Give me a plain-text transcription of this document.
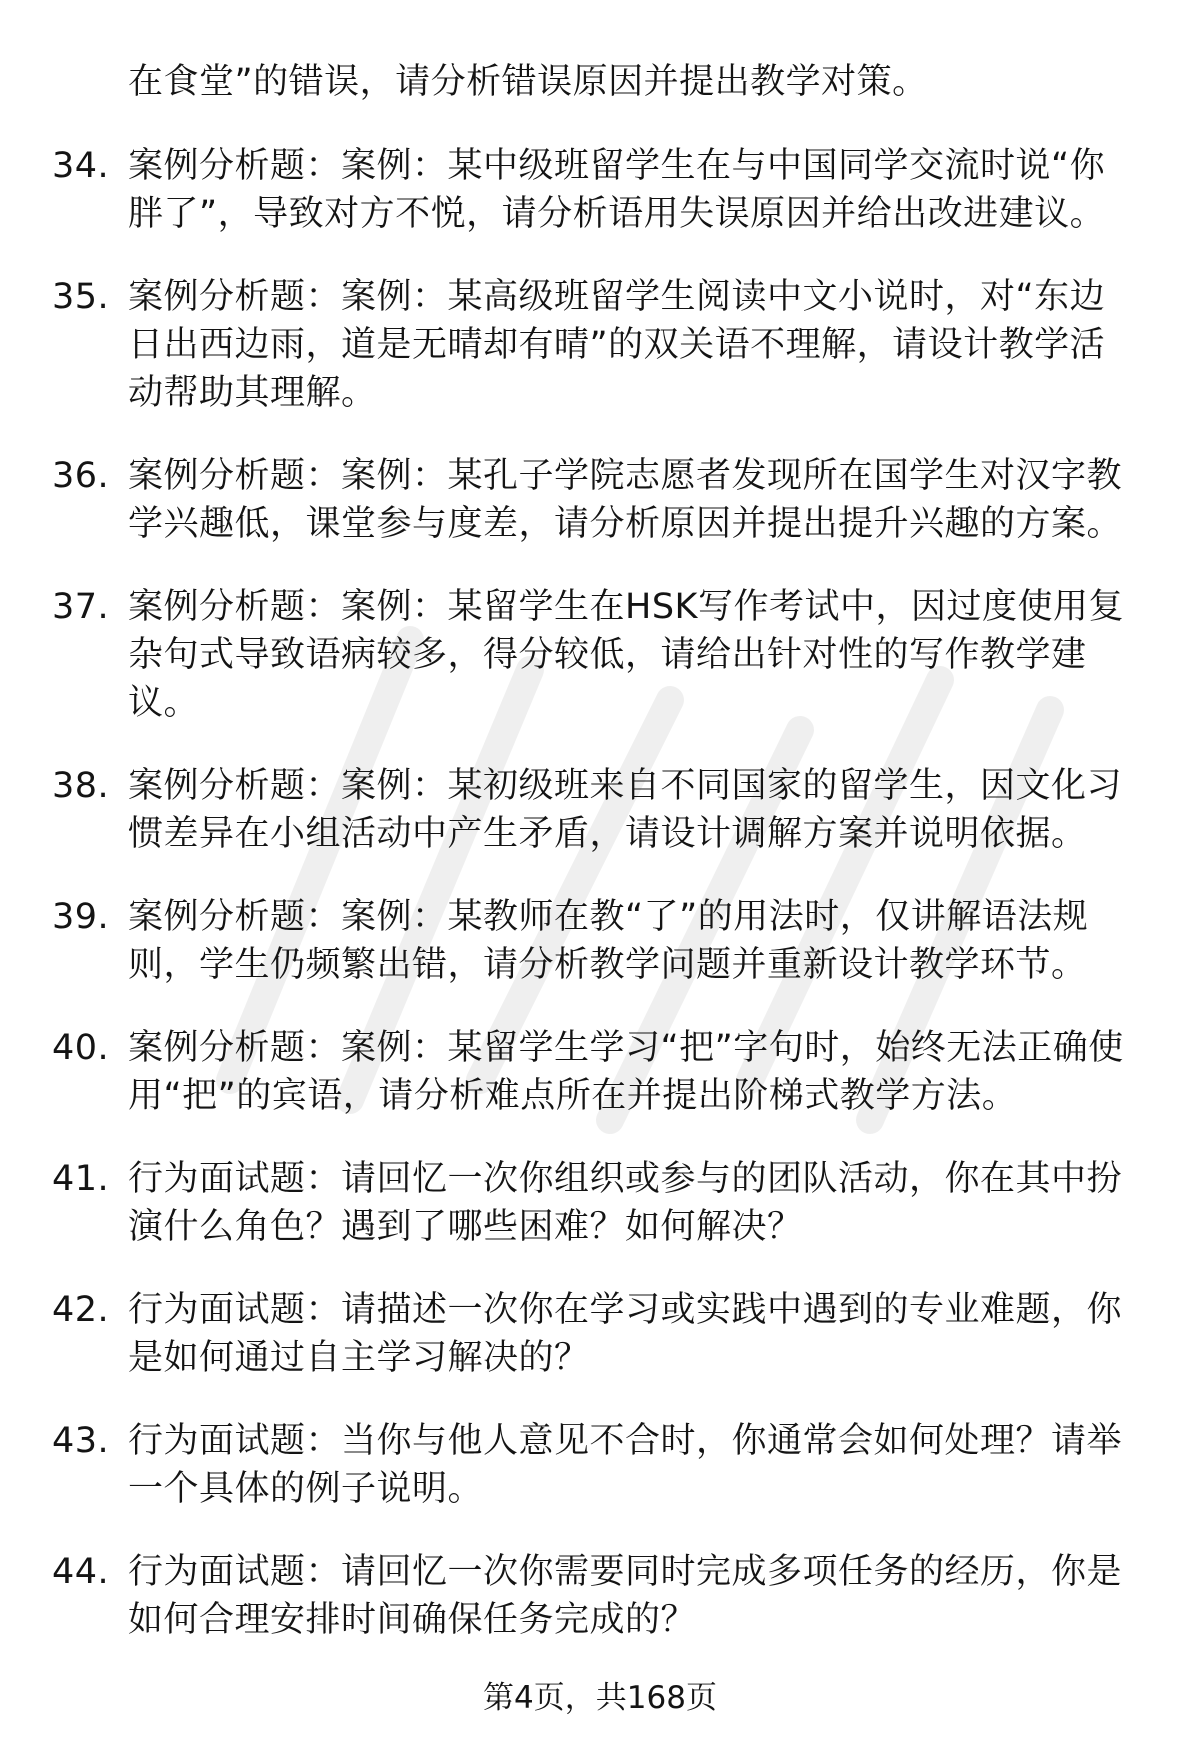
在食堂”的错误，请分析错误原因并提出教学对策。
34. 案例分析题：案例：某中级班留学生在与中国同学交流时说“你胖了”，导致对方不悦，请分析语用失误原因并给出改进建议。
35. 案例分析题：案例：某高级班留学生阅读中文小说时，对“东边日出西边雨，道是无晴却有晴”的双关语不理解，请设计教学活动帮助其理解。
36. 案例分析题：案例：某孔子学院志愿者发现所在国学生对汉字教学兴趣低，课堂参与度差，请分析原因并提出提升兴趣的方案。
37. 案例分析题：案例：某留学生在HSK写作考试中，因过度使用复杂句式导致语病较多，得分较低，请给出针对性的写作教学建议。
38. 案例分析题：案例：某初级班来自不同国家的留学生，因文化习惯差异在小组活动中产生矛盾，请设计调解方案并说明依据。
39. 案例分析题：案例：某教师在教“了”的用法时，仅讲解语法规则，学生仍频繁出错，请分析教学问题并重新设计教学环节。
40. 案例分析题：案例：某留学生学习“把”字句时，始终无法正确使用“把”的宾语，请分析难点所在并提出阶梯式教学方法。
41. 行为面试题：请回忆一次你组织或参与的团队活动，你在其中扮演什么角色？遇到了哪些困难？如何解决？
42. 行为面试题：请描述一次你在学习或实践中遇到的专业难题，你是如何通过自主学习解决的？
43. 行为面试题：当你与他人意见不合时，你通常会如何处理？请举一个具体的例子说明。
44. 行为面试题：请回忆一次你需要同时完成多项任务的经历，你是如何合理安排时间确保任务完成的？
第4页，共168页
